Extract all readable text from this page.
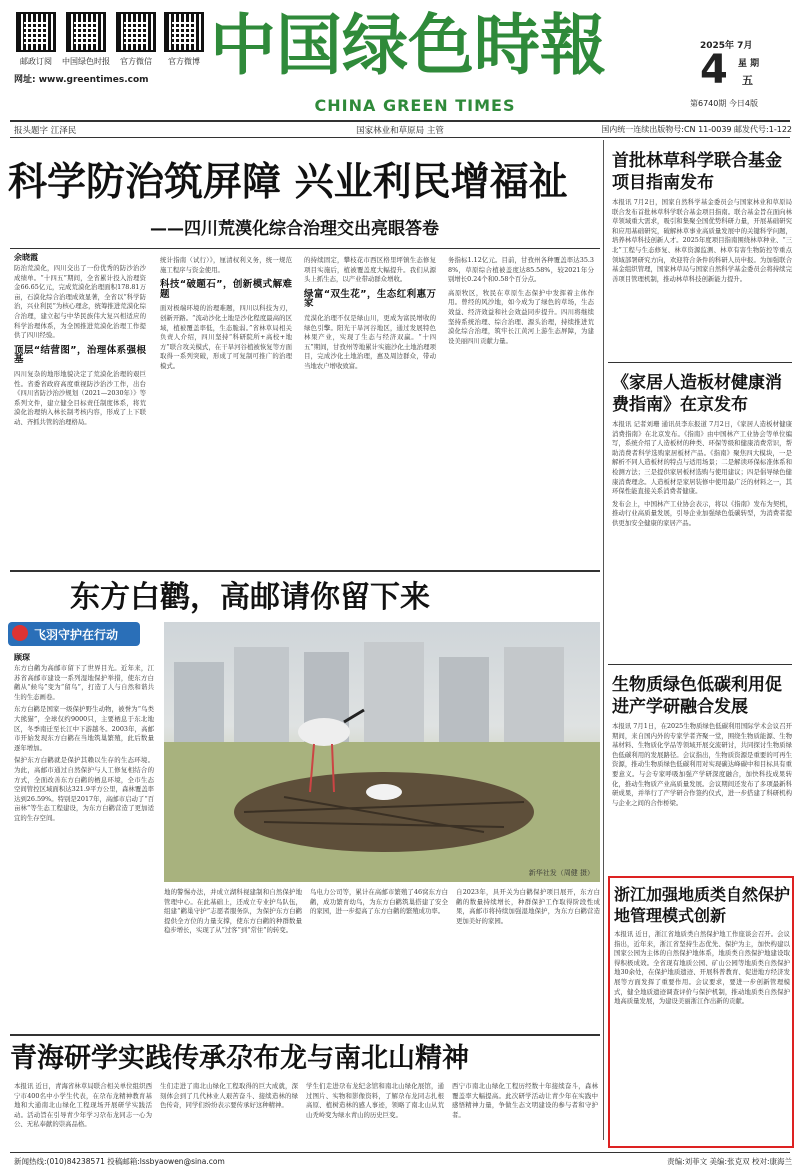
邮政订阅	中国绿色时报	官方微信	官方微博
网址: www.greentimes.com 中国绿色時報
CHINA GREEN TIMES
2025年 7月
4	星 期
五
第6740期 今日4版
报头题字 江泽民	国家林业和草原局 主管	国内统一连续出版物号:CN 11-0039 邮发代号:1-122
科学防治筑屏障 兴业利民增福祉
——四川荒漠化综合治理交出亮眼答卷
余晓霞
防治荒漠化，四川交出了一份优秀的防沙治沙成绩单。“十四五”期间，全省累计投入治理资金66.65亿元，完成荒漠化治理面积178.81万亩，石漠化综合治理成效显著，全省以“科学防治，兴业利民”为核心理念，统筹推进荒漠化综合治理，建立起与中华民族伟大复兴相适应的科学治理体系，为全国推进荒漠化治理工作提供了四川经验。
顶层“结营图”，治理体系强根基
四川复杂的地形地貌决定了荒漠化治理的艰巨性。省委省政府高度重视防沙治沙工作，出台《四川省防沙治沙规划（2021—2030年）》等系列文件，建立健全目标责任制度体系，将荒漠化治理纳入林长制考核内容，形成了上下联动、齐抓共管的治理格局。
统计指南（试行）》，厘清权利义务，统一规范施工程序与资金使用。
科技“破题石”，创新模式解难题
面对极端环境的治理难题，四川以科技为刃，创新开路。“流动沙化土地是沙化程度最高的区域，植被覆盖率低，生态脆弱。”省林草局相关负责人介绍，四川坚持“科研院所+高校+地方”联合攻关模式，在干旱河谷植被恢复等方面取得一系列突破，形成了可复制可推广的治理模式。
的持续固定，攀枝花市西区格里坪镇生态修复项目实施后，植被覆盖度大幅提升。我们从源头上抓生态，以产业带动群众增收。
绿富“双生花”，生态红利惠万家
荒漠化治理不仅是绿山川，更成为富民增收的绿色引擎。阳光干旱河谷地区，通过发展特色林果产业，实现了生态与经济双赢。“十四五”期间，甘孜州等地累计实施沙化土地治理项目，完成沙化土地治理，惠及周边群众，带动当地农户增收致富。
务指标1.12亿元。目前，甘孜州各种覆盖率达35.38%，草原综合植被盖度达85.58%，较2021年分别增长0.24个和0.58个百分点。
高原牧区，牧民在草原生态保护中发挥着主体作用。曾经的风沙地，如今成为了绿色的草场，生态效益、经济效益和社会效益同步提升。四川将继续坚持系统治理、综合治理、源头治理，持续推进荒漠化综合治理，筑牢长江黄河上游生态屏障，为建设美丽四川贡献力量。
东方白鹳，高邮请你留下来
飞羽守护在行动
顾琛
东方白鹳为高邮市留下了世界目光。近年来，江苏省高邮市建设一系列湿地保护举措，使东方白鹳从“候鸟”变为“留鸟”，打造了人与自然和谐共生的生态画卷。
东方白鹳是国家一级保护野生动物，被誉为“鸟类大熊猫”，全球仅约9000只，主要栖息于东北地区，冬季南迁至长江中下游越冬。2003年，高邮市开始发现东方白鹳在当地筑巢繁殖，此后数量逐年增加。
保护东方白鹳就是保护其赖以生存的生态环境。为此，高邮市通过自然保护与人工修复相结合的方式，全面改善东方白鹳的栖息环境，全市生态空间管控区域面积达321.9平方公里，森林覆盖率达到26.59%。特别是2017年，高邮市启动了“百亩林”等生态工程建设，为东方白鹳营造了更加适宜的生存空间。
新华社发（周健 摄）
地的警惕办法，并成立湖科视建制和自然保护地管理中心。在此基础上，还成立专业护鸟队伍，组建“鹳巢守护”志愿者服务队，为保护东方白鹳提供全方位的力量支撑，使东方白鹳的种群数量稳步增长，实现了从“过客”到“常住”的转变。
鸟电力公司等，累计在高邮市繁殖了46窝东方白鹳，成功繁育幼鸟，为东方白鹳筑巢搭建了安全的家园，进一步提高了东方白鹳的繁殖成功率。
自2023年，具开关为白鹳保护项目展开，东方白鹳的数量持续增长，种群保护工作取得阶段性成果，高邮市将持续加强湿地保护，为东方白鹳营造更加美好的家园。
青海研学实践传承尕布龙与南北山精神
本报讯 近日，青海省林草局联合相关单位组织西宁市400名中小学生代表，在尕布龙精神教育基地和大通南北山绿化工程现场开展研学实践活动。活动旨在引导青少年学习尕布龙同志一心为公、无私奉献的崇高品格。
生们走进了南北山绿化工程取得的巨大成就，深刻体会到了几代林业人艰苦奋斗、接续造林的绿色传奇，同学们纷纷表示要传承好这种精神。
学生们走进尕布龙纪念馆和南北山绿化展馆，通过图片、实物和影像资料，了解尕布龙同志扎根高原、植树造林的感人事迹，领略了南北山从荒山秃岭变为绿水青山的历史巨变。
西宁市南北山绿化工程历经数十年接续奋斗，森林覆盖率大幅提高。此次研学活动让青少年在实践中感悟精神力量，争做生态文明建设的参与者和守护者。
首批林草科学联合基金项目指南发布
本报讯 7月2日，国家自然科学基金委员会与国家林业和草原局联合发布首批林草科学联合基金项目指南。联合基金旨在面向林草领域重大需求，吸引和集聚全国优势科研力量，开展基础研究和应用基础研究，破解林草事业高质量发展中的关键科学问题，培养林草科技创新人才。2025年度项目指南围绕林草种业、“三北”工程与生态修复、林草资源监测、林草有害生物防控等重点领域部署研究方向，欢迎符合条件的科研人员申报。为加强联合基金组织管理，国家林草局与国家自然科学基金委员会将持续完善项目管理机制，推动林草科技创新能力提升。
《家居人造板材健康消费指南》在京发布
本报讯 记者刘珊 通讯员李东报道 7月2日，《家居人造板材健康消费指南》在北京发布。《指南》由中国林产工业协会等单位编写，系统介绍了人造板材的种类、环保等级和健康消费常识，帮助消费者科学选购家居板材产品。《指南》聚焦四大模块，一是解析不同人造板材的特点与适用场景；二是解读环保标准体系和检测方法；三是提供家居板材选购与使用建议；四是倡导绿色健康消费理念。人造板材是家居装修中使用最广泛的材料之一，其环保性能直接关系消费者健康。
发布会上，中国林产工业协会表示，将以《指南》发布为契机，推动行业高质量发展，引导企业加强绿色低碳转型，为消费者提供更加安全健康的家居产品。
生物质绿色低碳利用促进产学研融合发展
本报讯 7月1日，在2025生物质绿色低碳利用国际学术会议召开期间，来自国内外的专家学者齐聚一堂，围绕生物质能源、生物基材料、生物质化学品等领域开展交流研讨，共同探讨生物质绿色低碳利用的发展路径。会议指出，生物质资源是重要的可再生资源，推动生物质绿色低碳利用对实现碳达峰碳中和目标具有重要意义。与会专家呼吸加强产学研深度融合，加快科技成果转化，推动生物质产业高质量发展。会议期间还发布了多项最新科研成果，并举行了产学研合作签约仪式，进一步搭建了科研机构与企业之间的合作桥梁。
浙江加强地质类自然保护地管理模式创新
本报讯 近日，浙江省地质类自然保护地工作座谈会召开。会议指出，近年来，浙江省坚持生态优先、保护为主，加快构建以国家公园为主体的自然保护地体系，地质类自然保护地建设取得积极成效。全省现有地质公园、矿山公园等地质类自然保护地30余处，在保护地质遗迹、开展科普教育、促进地方经济发展等方面发挥了重要作用。会议要求，要进一步创新管理模式，健全地质遗迹调查评价与保护机制，推动地质类自然保护地高质量发展，为建设美丽浙江作出新的贡献。
新闻热线:(010)84238571 投稿邮箱:lssbyaowen@sina.com	责编:刘菲文 美编:张克双 校对:康海兰
